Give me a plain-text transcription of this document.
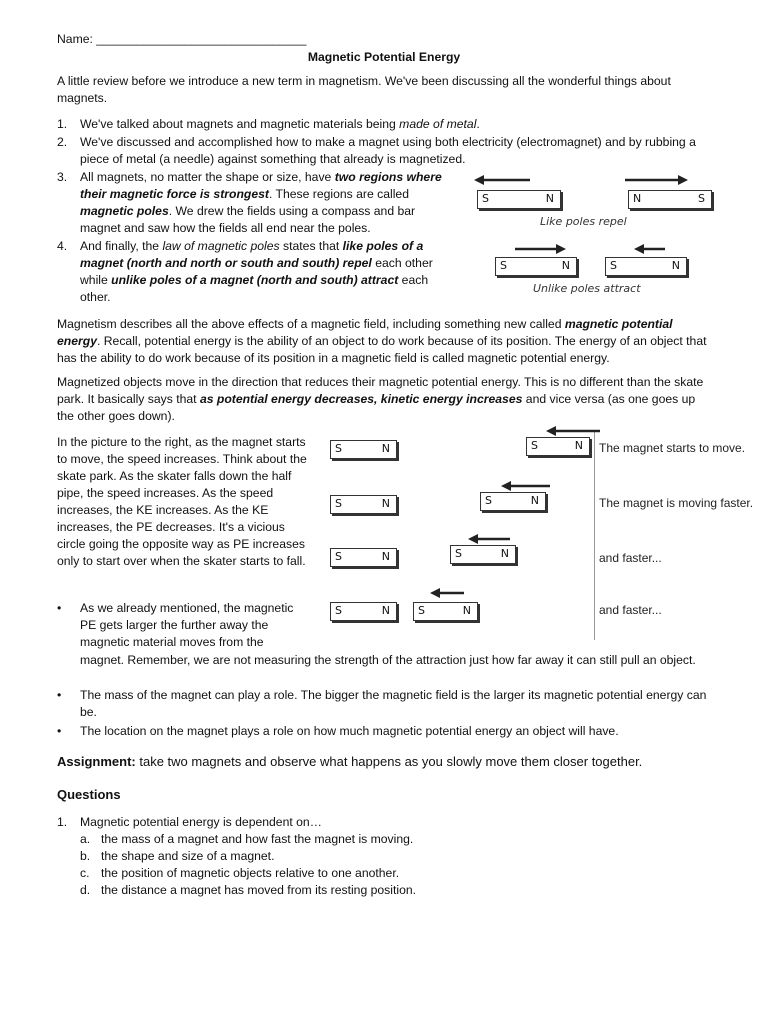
Name: _______________________________
Magnetic Potential Energy

A little review before we introduce a new term in magnetism. We've been discussing all the wonderful things about magnets.

1. We've talked about magnets and magnetic materials being made of metal.
2. We've discussed and accomplished how to make a magnet using both electricity (electromagnet) and by rubbing a piece of metal (a needle) against something that already is magnetized.
3. All magnets, no matter the shape or size, have two regions where their magnetic force is strongest. These regions are called magnetic poles. We drew the fields using a compass and bar magnet and saw how the fields all end near the poles.
4. And finally, the law of magnetic poles states that like poles of a magnet (north and north or south and south) repel each other while unlike poles of a magnet (north and south) attract each other.
S	N	N	S
Like poles repel
S	N	S	N
Unlike poles attract

Magnetism describes all the above effects of a magnetic field, including something new called magnetic potential energy. Recall, potential energy is the ability of an object to do work because of its position. The energy of an object that has the ability to do work because of its position in a magnetic field is called magnetic potential energy.

Magnetized objects move in the direction that reduces their magnetic potential energy. This is no different than the skate park. It basically says that as potential energy decreases, kinetic energy increases and vice versa (as one goes up the other goes down).

In the picture to the right, as the magnet starts to move, the speed increases. Think about the skate park. As the skater falls down the half pipe, the speed increases. As the speed increases, the KE increases. As the KE increases, the PE decreases. It's a vicious circle going the opposite way as PE increases only to start over when the skater starts to fall.

S	N	S	N The magnet starts to move.
S	N	S	N	The magnet is moving faster.
S	N	S	N	and faster...
S	N	S	N	and faster...
• As we already mentioned, the magnetic PE gets larger the further away the magnetic material moves from the
magnet. Remember, we are not measuring the strength of the attraction just how far away it can still pull an object.
• The mass of the magnet can play a role. The bigger the magnetic field is the larger its magnetic potential energy can be.
• The location on the magnet plays a role on how much magnetic potential energy an object will have.
Assignment: take two magnets and observe what happens as you slowly move them closer together.
Questions
1. Magnetic potential energy is dependent on…
a. the mass of a magnet and how fast the magnet is moving.
b. the shape and size of a magnet.
c. the position of magnetic objects relative to one another.
d. the distance a magnet has moved from its resting position.
